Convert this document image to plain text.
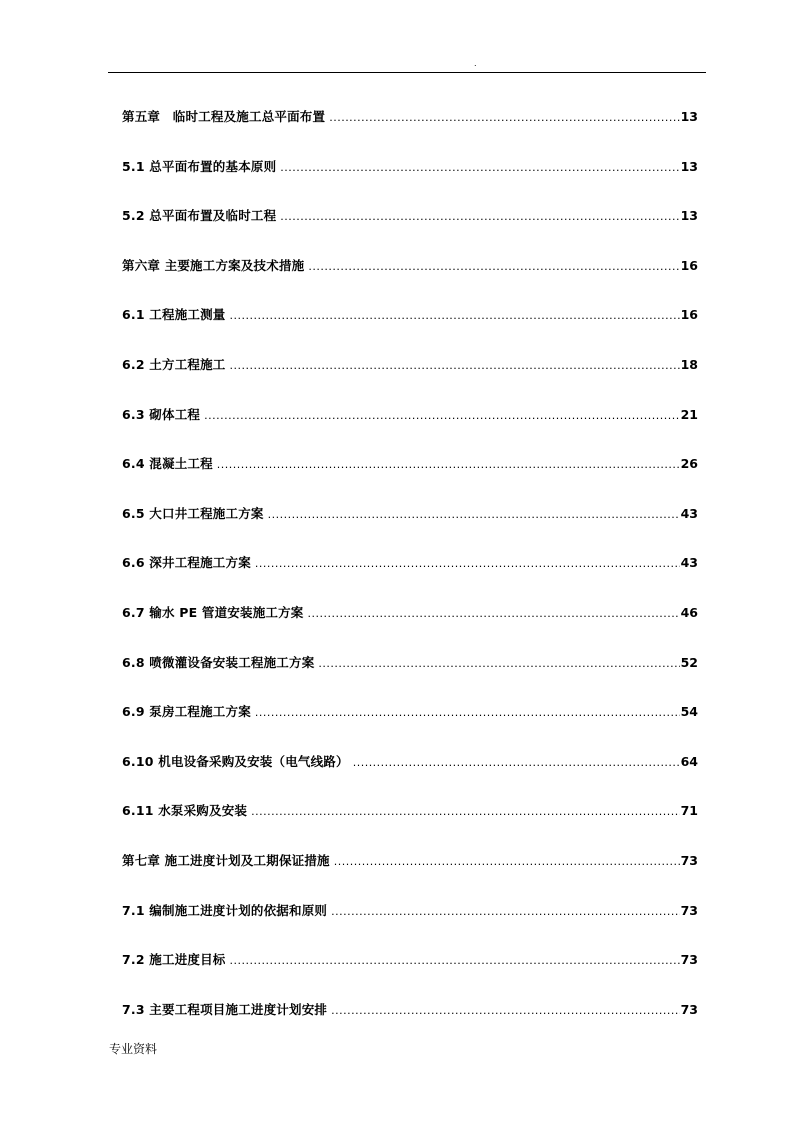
.
第五章　临时工程及施工总平面布置 .....	13
5.1 总平面布置的基本原则 .....	13
5.2 总平面布置及临时工程 .....	13
第六章 主要施工方案及技术措施 .....	16
6.1 工程施工测量 .....	16
6.2 土方工程施工 .....	18
6.3 砌体工程 .....	21
6.4 混凝土工程 .....	26
6.5 大口井工程施工方案 .....	43
6.6 深井工程施工方案 .....	43
6.7 输水 PE 管道安装施工方案 .....	46
6.8 喷微灌设备安装工程施工方案 .....	52
6.9 泵房工程施工方案 .....	54
6.10 机电设备采购及安装（电气线路） .....	64
6.11 水泵采购及安装 .....	71
第七章 施工进度计划及工期保证措施 .....	73
7.1 编制施工进度计划的依据和原则 .....	73
7.2 施工进度目标 .....	73
7.3 主要工程项目施工进度计划安排 .....	73
专业资料
